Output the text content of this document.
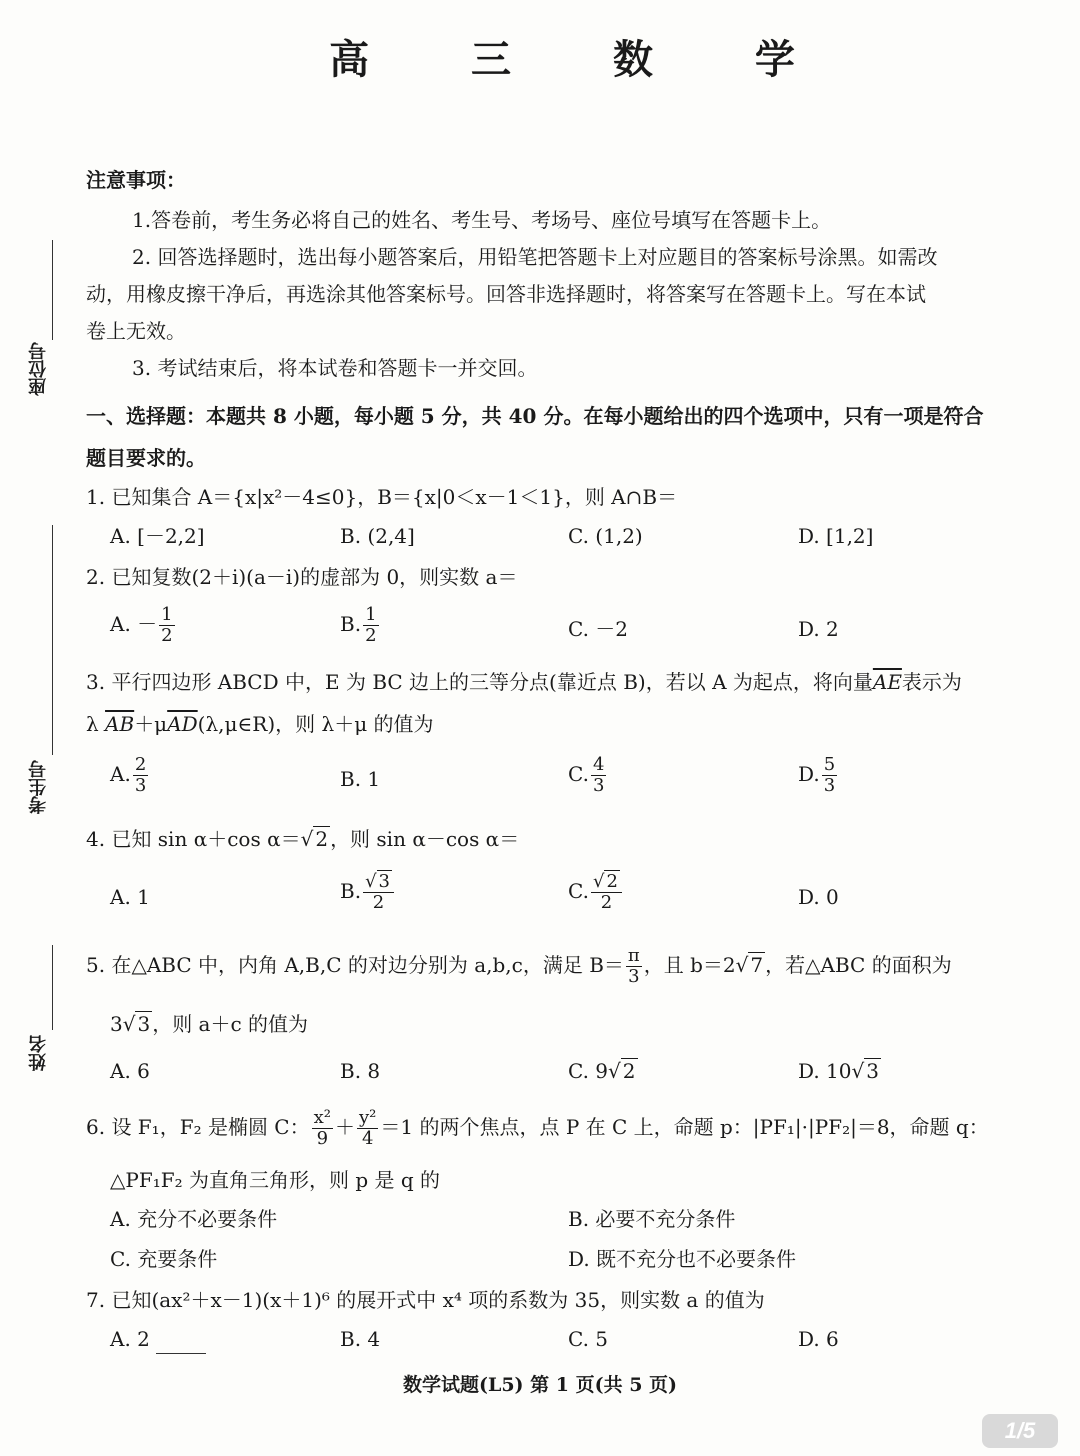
高 三 数 学
座位号
考生号
姓名
注意事项：
1.答卷前，考生务必将自己的姓名、考生号、考场号、座位号填写在答题卡上。
2. 回答选择题时，选出每小题答案后，用铅笔把答题卡上对应题目的答案标号涂黑。如需改
动，用橡皮擦干净后，再选涂其他答案标号。回答非选择题时，将答案写在答题卡上。写在本试
卷上无效。
3. 考试结束后，将本试卷和答题卡一并交回。
一、选择题：本题共 8 小题，每小题 5 分，共 40 分。在每小题给出的四个选项中，只有一项是符合
题目要求的。
1. 已知集合 A＝{x|x²－4≤0}，B＝{x|0＜x－1＜1}，则 A∩B＝
A. [－2,2]	B. (2,4]	C. (1,2)	D. [1,2]
2. 已知复数(2＋i)(a－i)的虚部为 0，则实数 a＝
A. － $\frac{1}{2}$	B. $\frac{1}{2}$	C. －2	D. 2
3. 平行四边形 ABCD 中，E 为 BC 边上的三等分点(靠近点 B)，若以 A 为起点，将向量$\overline{AE}$表示为
λ $\overline{AB}+\mu\overline{AD}(\lambda,\mu\in R)$，则 λ＋μ 的值为
A. $\frac{2}{3}$	B. 1	C. $\frac{4}{3}$	D. $\frac{5}{3}$
4. 已知 sin α＋cos α＝√ 2 ，则 sin α－cos α＝
A. 1	B. $\frac{√ 3}{2}$	C. $\frac{√ 2}{2}$	D. 0
5. 在△ABC 中，内角 A,B,C 的对边分别为 a,b,c，满足 $B= \frac{\pi}{3}$ ，且 b＝2√ 7 ，若△ABC 的面积为
3√ 3 ，则 a＋c 的值为
A. 6	B. 8	C. 9√ 2	D. 10√ 3
6. 设 F₁，F₂ 是椭圆 C： $\frac{\text{x²}}{9} + \frac{\text{y²}}{4} =1$ 的两个焦点，点 P 在 C 上，命题 p：|PF₁|·|PF₂|＝8，命题 q：
△PF₁F₂ 为直角三角形，则 p 是 q 的
A. 充分不必要条件	B. 必要不充分条件
C. 充要条件	D. 既不充分也不必要条件
7. 已知(ax²＋x－1)(x＋1)⁶ 的展开式中 x⁴ 项的系数为 35，则实数 a 的值为
A. 2	B. 4	C. 5	D. 6
数学试题(L5) 第 1 页(共 5 页)
1/5
